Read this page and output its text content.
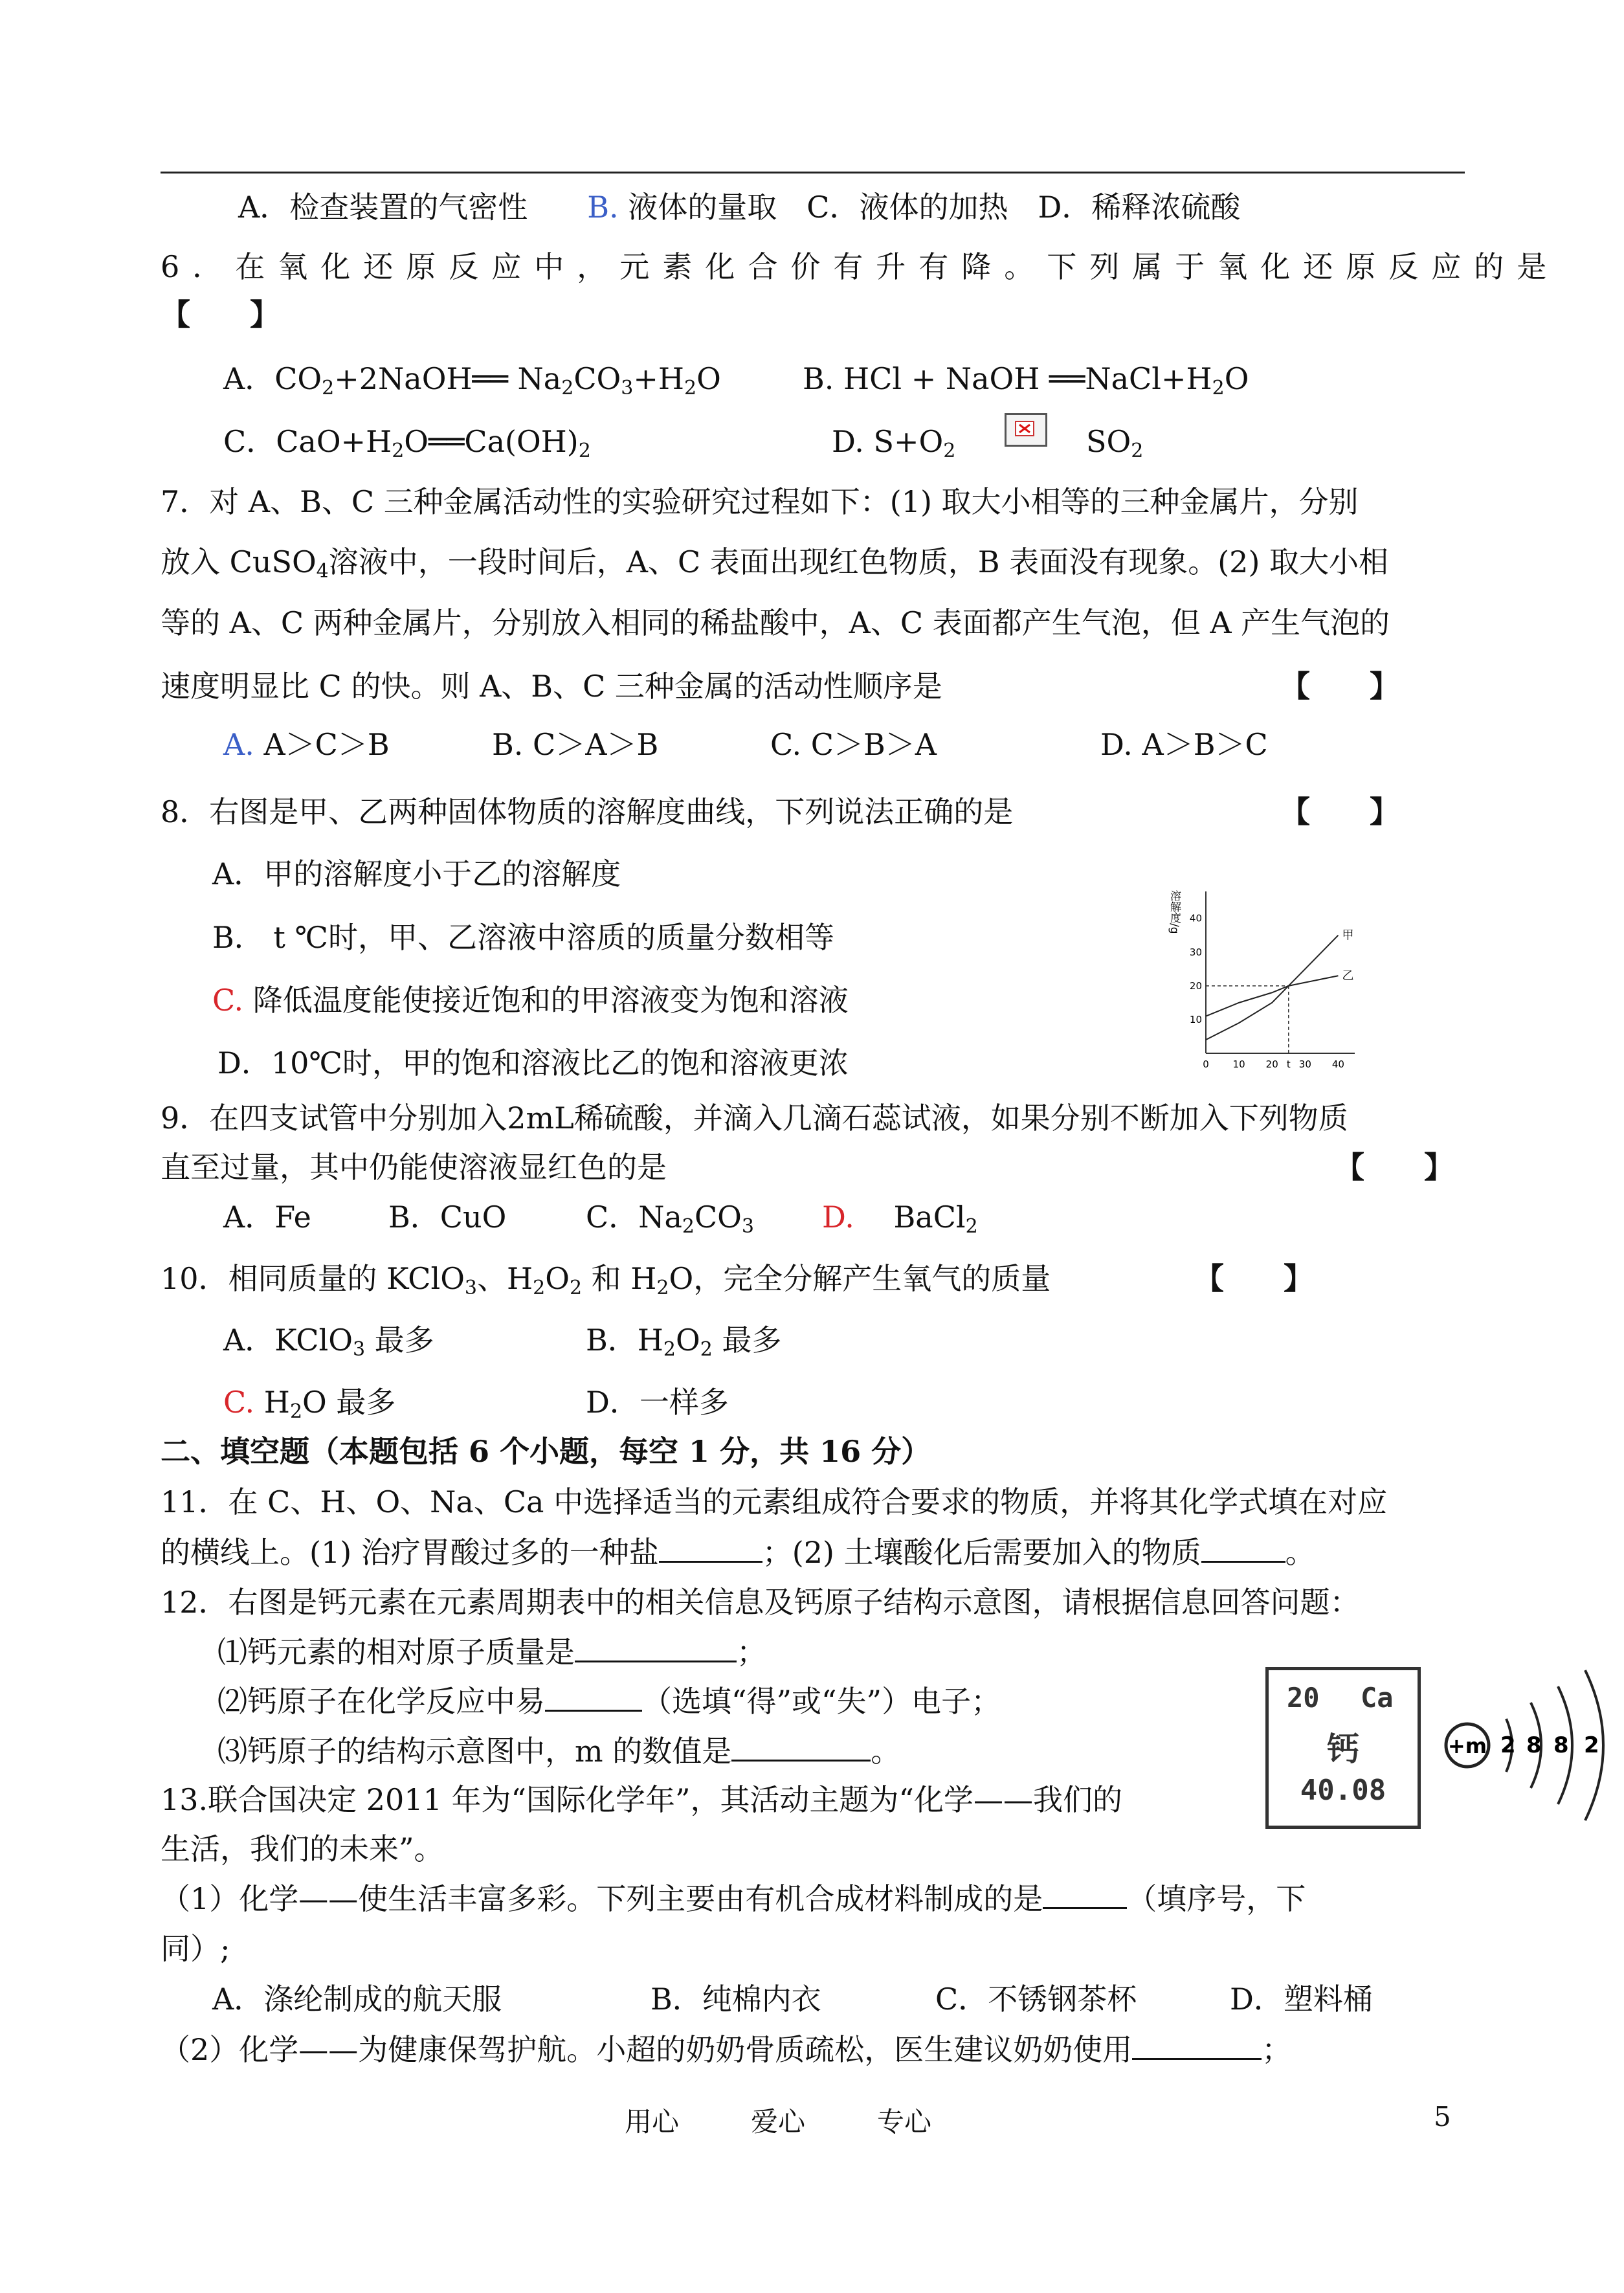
A．检查装置的气密性　　 B. 液体的量取　 C．液体的加热　 D．稀释浓硫酸
6．在氧化还原反应中，元素化合价有升有降。下列属于氧化还原反应的是
【　　】
A．$CO_2+2NaOH══$ $Na_2CO_3+H_2O$	B. HCl + NaOH $══NaCl+H_2O$
C．$CaO+H_2O══Ca(OH)_2$	D. $S+O_2$	$SO_2$
7．对 A、B、C 三种金属活动性的实验研究过程如下：(1) 取大小相等的三种金属片，分别
放入 CuSO$_4$溶液中，一段时间后，A、C 表面出现红色物质，B 表面没有现象。(2) 取大小相
等的 A、C 两种金属片，分别放入相同的稀盐酸中，A、C 表面都产生气泡，但 A 产生气泡的
速度明显比 C 的快。则 A、B、C 三种金属的活动性顺序是	【　　】
A. A＞C＞B	B. C＞A＞B	C. C＞B＞A	D. A＞B＞C
8．右图是甲、乙两种固体物质的溶解度曲线，下列说法正确的是	【　　】
A．甲的溶解度小于乙的溶解度
B． t ℃时，甲、乙溶液中溶质的质量分数相等
C. 降低温度能使接近饱和的甲溶液变为饱和溶液
D．10℃时，甲的饱和溶液比乙的饱和溶液更浓
溶解度/g
0 10 20 t 30 40
10
20
30
40
甲
乙
9．在四支试管中分别加入2mL稀硫酸，并滴入几滴石蕊试液，如果分别不断加入下列物质
直至过量，其中仍能使溶液显红色的是	【　　】
A．Fe	B．CuO	C．$Na_2CO_3$ D.　 BaCl$_2$
10．相同质量的 KClO$_3$、$H_2O_2$ 和 $H_2O$，完全分解产生氧气的质量	【　　】
A．KClO$_3$ 最多	B．$H_2O_2$ 最多
C. $H_2O$ 最多	D．一样多
二、填空题（本题包括 6 个小题，每空 1 分，共 16 分）
11．在 C、H、O、Na、Ca 中选择适当的元素组成符合要求的物质，并将其化学式填在对应
的横线上。(1) 治疗胃酸过多的一种盐	；(2) 土壤酸化后需要加入的物质	。
12．右图是钙元素在元素周期表中的相关信息及钙原子结构示意图，请根据信息回答问题：
⑴钙元素的相对原子质量是	；
⑵钙原子在化学反应中易	（选填“得”或“失”）电子；
⑶钙原子的结构示意图中，m 的数值是	。
20 Ca
钙
40.08
+m 2 8 8 2
13.联合国决定 2011 年为“国际化学年”，其活动主题为“化学——我们的
生活，我们的未来”。
（1）化学——使生活丰富多彩。下列主要由有机合成材料制成的是	（填序号，下
同）;
A．涤纶制成的航天服	B．纯棉内衣	C．不锈钢茶杯	D．塑料桶
（2）化学——为健康保驾护航。小超的奶奶骨质疏松，医生建议奶奶使用	；
用心	爱心	专心	5
